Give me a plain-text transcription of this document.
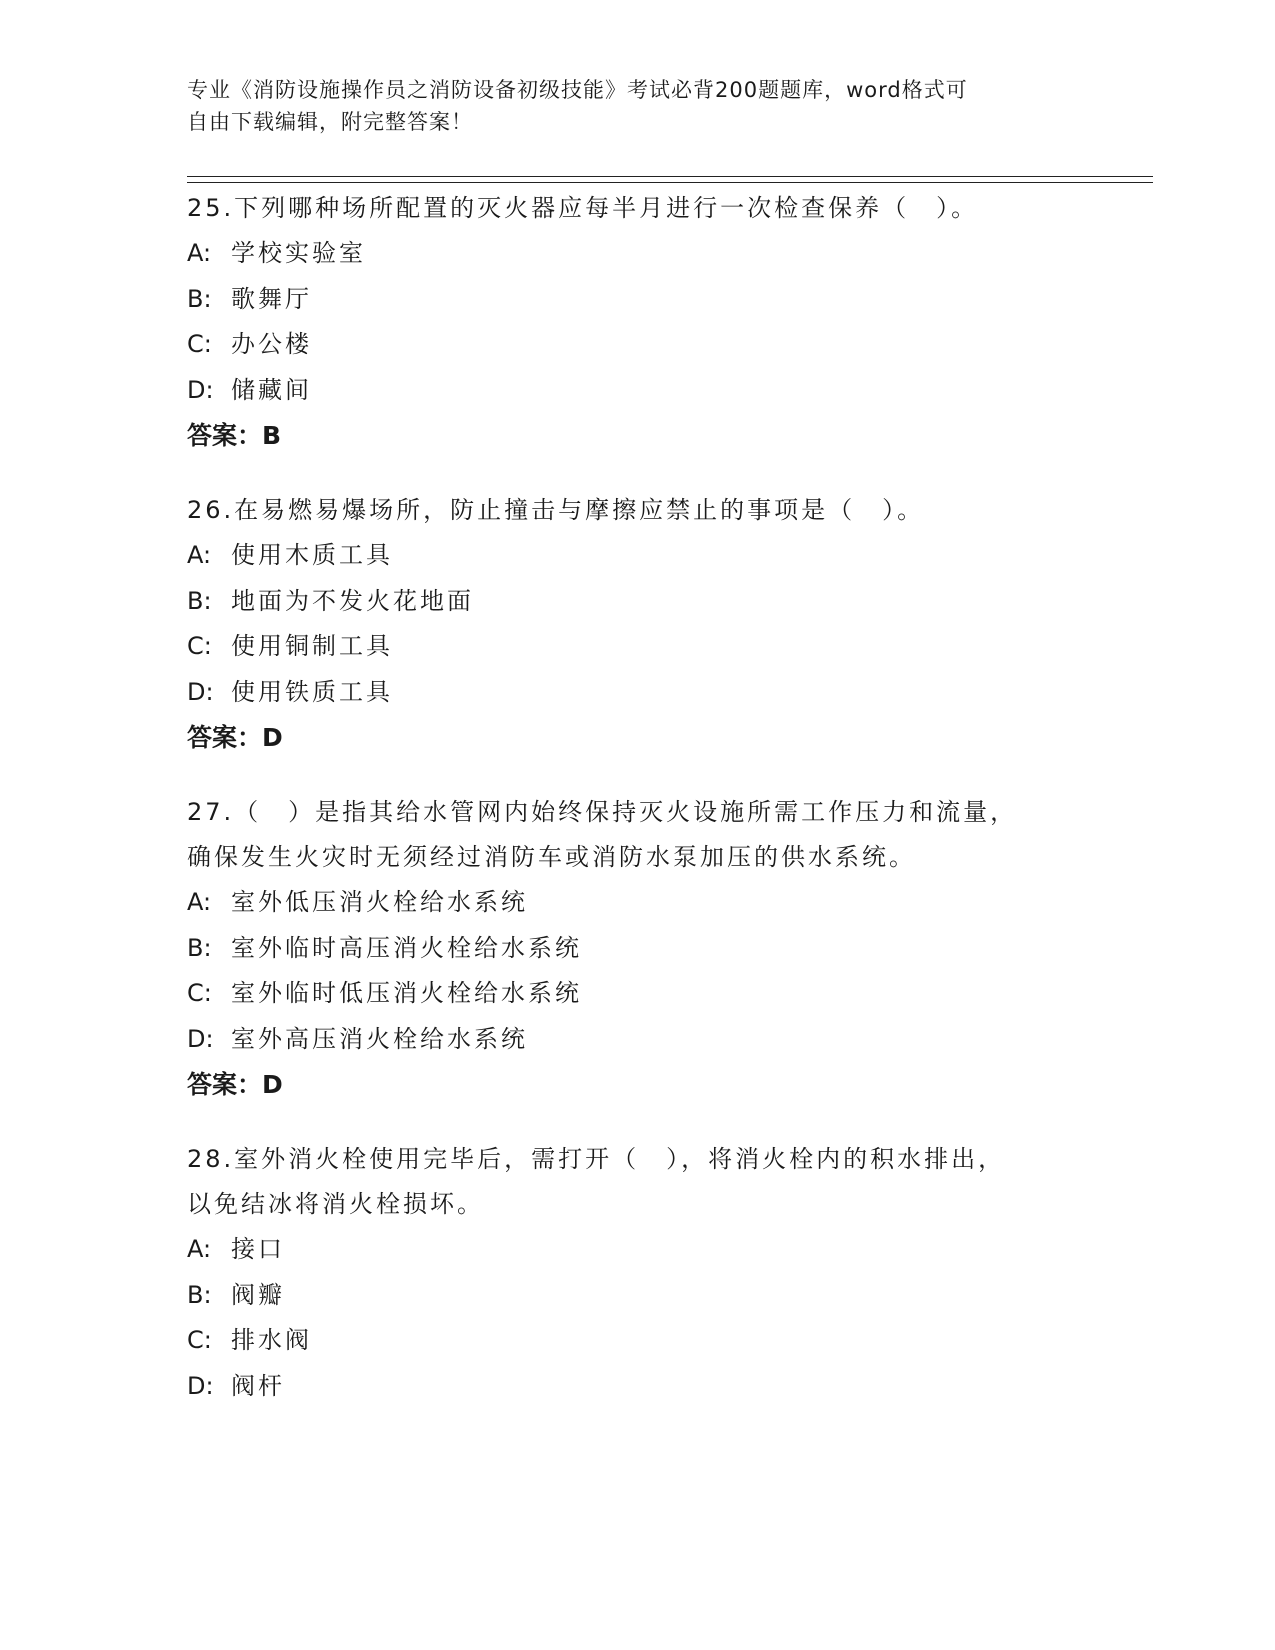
专业《消防设施操作员之消防设备初级技能》考试必背200题题库，word格式可
自由下载编辑，附完整答案！

25.下列哪种场所配置的灭火器应每半月进行一次检查保养（　）。

A: 学校实验室

B: 歌舞厅

C: 办公楼

D: 储藏间

答案：B

26.在易燃易爆场所，防止撞击与摩擦应禁止的事项是（　）。

A: 使用木质工具

B: 地面为不发火花地面

C: 使用铜制工具

D: 使用铁质工具

答案：D

27.（　）是指其给水管网内始终保持灭火设施所需工作压力和流量，

确保发生火灾时无须经过消防车或消防水泵加压的供水系统。

A: 室外低压消火栓给水系统

B: 室外临时高压消火栓给水系统

C: 室外临时低压消火栓给水系统

D: 室外高压消火栓给水系统

答案：D

28.室外消火栓使用完毕后，需打开（　），将消火栓内的积水排出，

以免结冰将消火栓损坏。

A: 接口

B: 阀瓣

C: 排水阀

D: 阀杆
